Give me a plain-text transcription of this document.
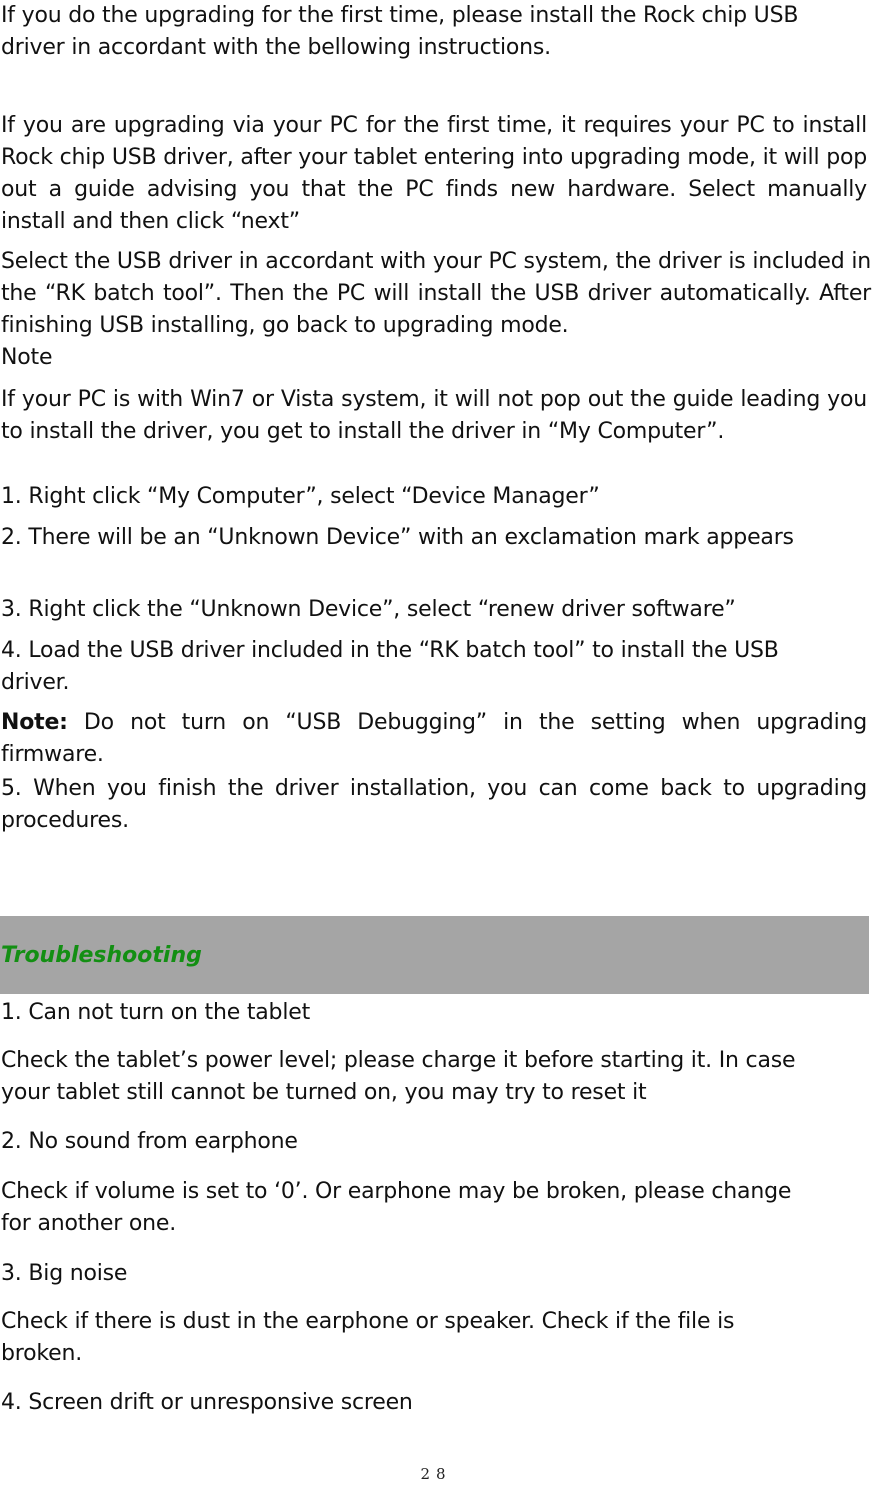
If you do the upgrading for the first time, please install the Rock chip USB driver in accordant with the bellowing instructions.

If you are upgrading via your PC for the first time, it requires your PC to install Rock chip USB driver, after your tablet entering into upgrading mode, it will pop out a guide advising you that the PC finds new hardware. Select manually install and then click “next”

Select the USB driver in accordant with your PC system, the driver is included in the “RK batch tool”. Then the PC will install the USB driver automatically. After finishing USB installing, go back to upgrading mode.

Note

If your PC is with Win7 or Vista system, it will not pop out the guide leading you to install the driver, you get to install the driver in “My Computer”.

1. Right click “My Computer”, select “Device Manager”

2. There will be an “Unknown Device” with an exclamation mark appears

3. Right click the “Unknown Device”, select “renew driver software”

4. Load the USB driver included in the “RK batch tool” to install the USB driver.

Note: Do not turn on “USB Debugging” in the setting when upgrading firmware.

5. When you finish the driver installation, you can come back to upgrading procedures.

Troubleshooting

1. Can not turn on the tablet

Check the tablet’s power level; please charge it before starting it. In case your tablet still cannot be turned on, you may try to reset it

2. No sound from earphone

Check if volume is set to ‘0’. Or earphone may be broken, please change for another one.

3. Big noise

Check if there is dust in the earphone or speaker. Check if the file is broken.

4. Screen drift or unresponsive screen

28
